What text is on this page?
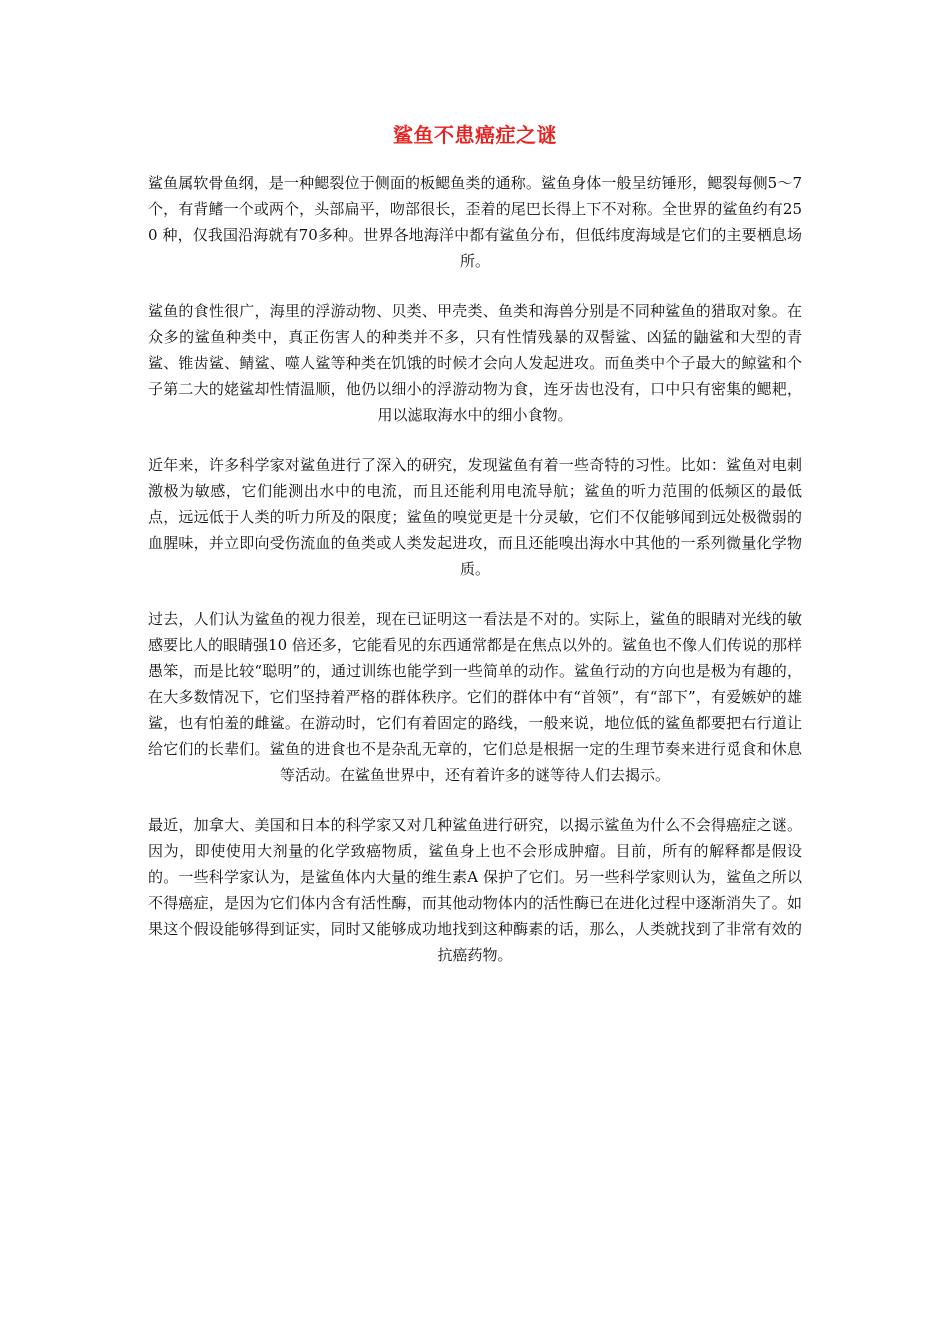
鲨鱼不患癌症之谜

鲨鱼属软骨鱼纲，是一种鳃裂位于侧面的板鳃鱼类的通称。鲨鱼身体一般呈纺锤形，鳃裂每侧5～7 个，有背鳍一个或两个，头部扁平，吻部很长，歪着的尾巴长得上下不对称。全世界的鲨鱼约有250 种，仅我国沿海就有70多种。世界各地海洋中都有鲨鱼分布，但低纬度海域是它们的主要栖息场所。

鲨鱼的食性很广，海里的浮游动物、贝类、甲壳类、鱼类和海兽分别是不同种鲨鱼的猎取对象。在众多的鲨鱼种类中，真正伤害人的种类并不多，只有性情残暴的双髻鲨、凶猛的鼬鲨和大型的青鲨、锥齿鲨、鲭鲨、噬人鲨等种类在饥饿的时候才会向人发起进攻。而鱼类中个子最大的鲸鲨和个子第二大的姥鲨却性情温顺，他仍以细小的浮游动物为食，连牙齿也没有，口中只有密集的鳃耙，用以滤取海水中的细小食物。

近年来，许多科学家对鲨鱼进行了深入的研究，发现鲨鱼有着一些奇特的习性。比如：鲨鱼对电刺激极为敏感，它们能测出水中的电流，而且还能利用电流导航；鲨鱼的听力范围的低频区的最低点，远远低于人类的听力所及的限度；鲨鱼的嗅觉更是十分灵敏，它们不仅能够闻到远处极微弱的血腥味，并立即向受伤流血的鱼类或人类发起进攻，而且还能嗅出海水中其他的一系列微量化学物质。

过去，人们认为鲨鱼的视力很差，现在已证明这一看法是不对的。实际上，鲨鱼的眼睛对光线的敏感要比人的眼睛强10 倍还多，它能看见的东西通常都是在焦点以外的。鲨鱼也不像人们传说的那样愚笨，而是比较“聪明”的，通过训练也能学到一些简单的动作。鲨鱼行动的方向也是极为有趣的，在大多数情况下，它们坚持着严格的群体秩序。它们的群体中有“首领”，有“部下”，有爱嫉妒的雄鲨，也有怕羞的雌鲨。在游动时，它们有着固定的路线，一般来说，地位低的鲨鱼都要把右行道让给它们的长辈们。鲨鱼的进食也不是杂乱无章的，它们总是根据一定的生理节奏来进行觅食和休息等活动。在鲨鱼世界中，还有着许多的谜等待人们去揭示。

最近，加拿大、美国和日本的科学家又对几种鲨鱼进行研究，以揭示鲨鱼为什么不会得癌症之谜。因为，即使使用大剂量的化学致癌物质，鲨鱼身上也不会形成肿瘤。目前，所有的解释都是假设的。一些科学家认为，是鲨鱼体内大量的维生素A 保护了它们。另一些科学家则认为，鲨鱼之所以不得癌症，是因为它们体内含有活性酶，而其他动物体内的活性酶已在进化过程中逐渐消失了。如果这个假设能够得到证实，同时又能够成功地找到这种酶素的话，那么，人类就找到了非常有效的抗癌药物。
